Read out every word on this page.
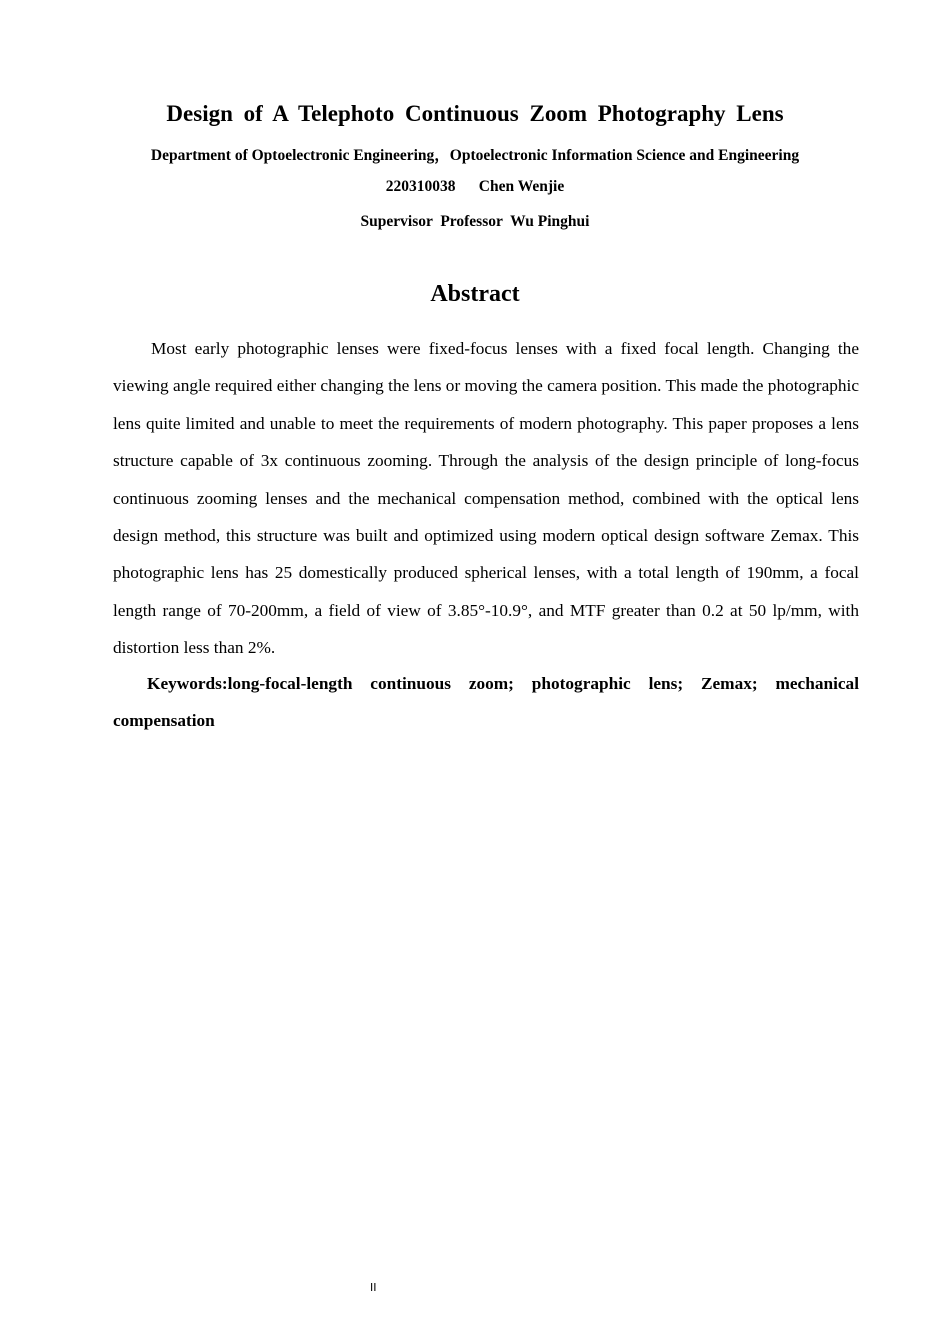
Design of A Telephoto Continuous Zoom Photography Lens
Department of Optoelectronic Engineering，Optoelectronic Information Science and Engineering
220310038      Chen Wenjie
Supervisor  Professor  Wu Pinghui
Abstract

Most early photographic lenses were fixed-focus lenses with a fixed focal length. Changing the viewing angle required either changing the lens or moving the camera position. This made the photographic lens quite limited and unable to meet the requirements of modern photography. This paper proposes a lens structure capable of 3x continuous zooming. Through the analysis of the design principle of long-focus continuous zooming lenses and the mechanical compensation method, combined with the optical lens design method, this structure was built and optimized using modern optical design software Zemax. This photographic lens has 25 domestically produced spherical lenses, with a total length of 190mm, a focal length range of 70-200mm, a field of view of 3.85°-10.9°, and MTF greater than 0.2 at 50 lp/mm, with distortion less than 2%.

Keywords:long-focal-length continuous zoom; photographic lens; Zemax; mechanical compensation

II
